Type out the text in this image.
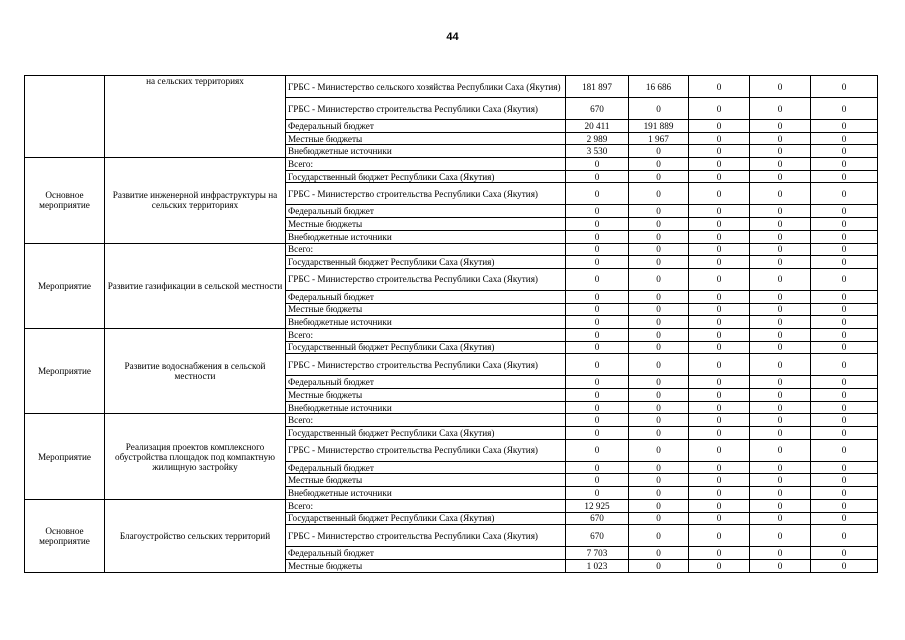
44
	на сельских территориях	ГРБС - Министерство сельского хозяйства Республики Саха (Якутия)	181 897	16 686	0	0	0
		ГРБС - Министерство строительства Республики Саха (Якутия)	670	0	0	0	0
		Федеральный бюджет	20 411	191 889	0	0	0
		Местные бюджеты	2 989	1 967	0	0	0
		Внебюджетные источники	3 530	0	0	0	0
Основное мероприятие	Развитие инженерной инфраструктуры на сельских территориях	Всего:	0	0	0	0	0
		Государственный бюджет Республики Саха (Якутия)	0	0	0	0	0
		ГРБС - Министерство строительства Республики Саха (Якутия)	0	0	0	0	0
		Федеральный бюджет	0	0	0	0	0
		Местные бюджеты	0	0	0	0	0
		Внебюджетные источники	0	0	0	0	0
Мероприятие	Развитие газификации в сельской местности	Всего:	0	0	0	0	0
		Государственный бюджет Республики Саха (Якутия)	0	0	0	0	0
		ГРБС - Министерство строительства Республики Саха (Якутия)	0	0	0	0	0
		Федеральный бюджет	0	0	0	0	0
		Местные бюджеты	0	0	0	0	0
		Внебюджетные источники	0	0	0	0	0
Мероприятие	Развитие водоснабжения в сельской местности	Всего:	0	0	0	0	0
		Государственный бюджет Республики Саха (Якутия)	0	0	0	0	0
		ГРБС - Министерство строительства Республики Саха (Якутия)	0	0	0	0	0
		Федеральный бюджет	0	0	0	0	0
		Местные бюджеты	0	0	0	0	0
		Внебюджетные источники	0	0	0	0	0
Мероприятие	Реализация проектов комплексного обустройства площадок под компактную жилищную застройку	Всего:	0	0	0	0	0
		Государственный бюджет Республики Саха (Якутия)	0	0	0	0	0
		ГРБС - Министерство строительства Республики Саха (Якутия)	0	0	0	0	0
		Федеральный бюджет	0	0	0	0	0
		Местные бюджеты	0	0	0	0	0
		Внебюджетные источники	0	0	0	0	0
Основное мероприятие	Благоустройство сельских территорий	Всего:	12 925	0	0	0	0
		Государственный бюджет Республики Саха (Якутия)	670	0	0	0	0
		ГРБС - Министерство строительства Республики Саха (Якутия)	670	0	0	0	0
		Федеральный бюджет	7 703	0	0	0	0
		Местные бюджеты	1 023	0	0	0	0
